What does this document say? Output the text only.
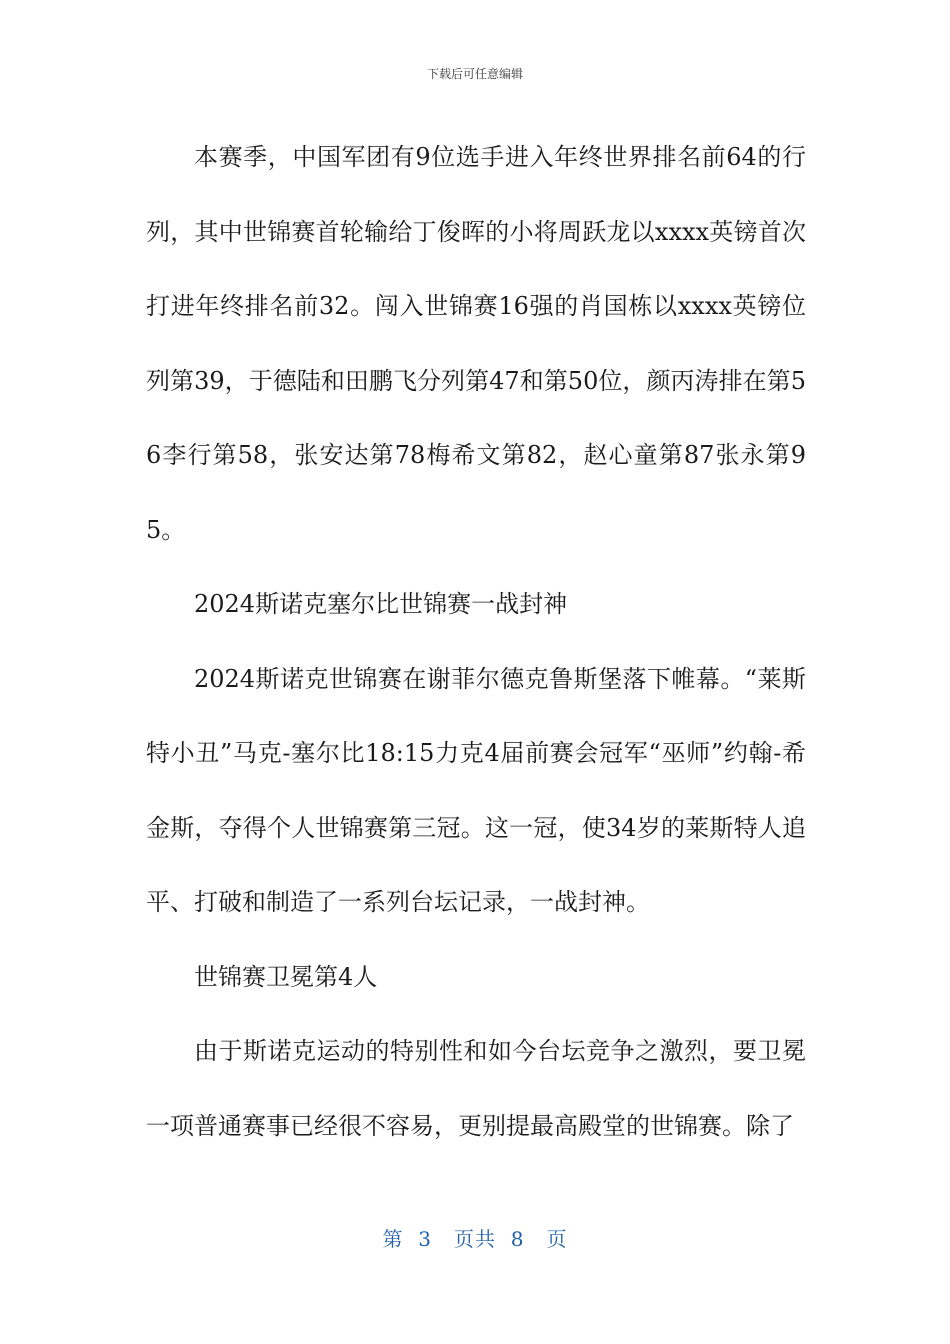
下载后可任意编辑

本赛季，中国军团有9位选手进入年终世界排名前64的行列，其中世锦赛首轮输给丁俊晖的小将周跃龙以xxxx英镑首次打进年终排名前32。闯入世锦赛16强的肖国栋以xxxx英镑位列第39，于德陆和田鹏飞分列第47和第50位，颜丙涛排在第56李行第58，张安达第78梅希文第82，赵心童第87张永第95。

2024斯诺克塞尔比世锦赛一战封神

2024斯诺克世锦赛在谢菲尔德克鲁斯堡落下帷幕。“莱斯特小丑”马克-塞尔比18:15力克4届前赛会冠军“巫师”约翰-希金斯，夺得个人世锦赛第三冠。这一冠，使34岁的莱斯特人追平、打破和制造了一系列台坛记录，一战封神。

世锦赛卫冕第4人

由于斯诺克运动的特别性和如今台坛竞争之激烈，要卫冕一项普通赛事已经很不容易，更别提最高殿堂的世锦赛。除了

第 3 页共 8 页
